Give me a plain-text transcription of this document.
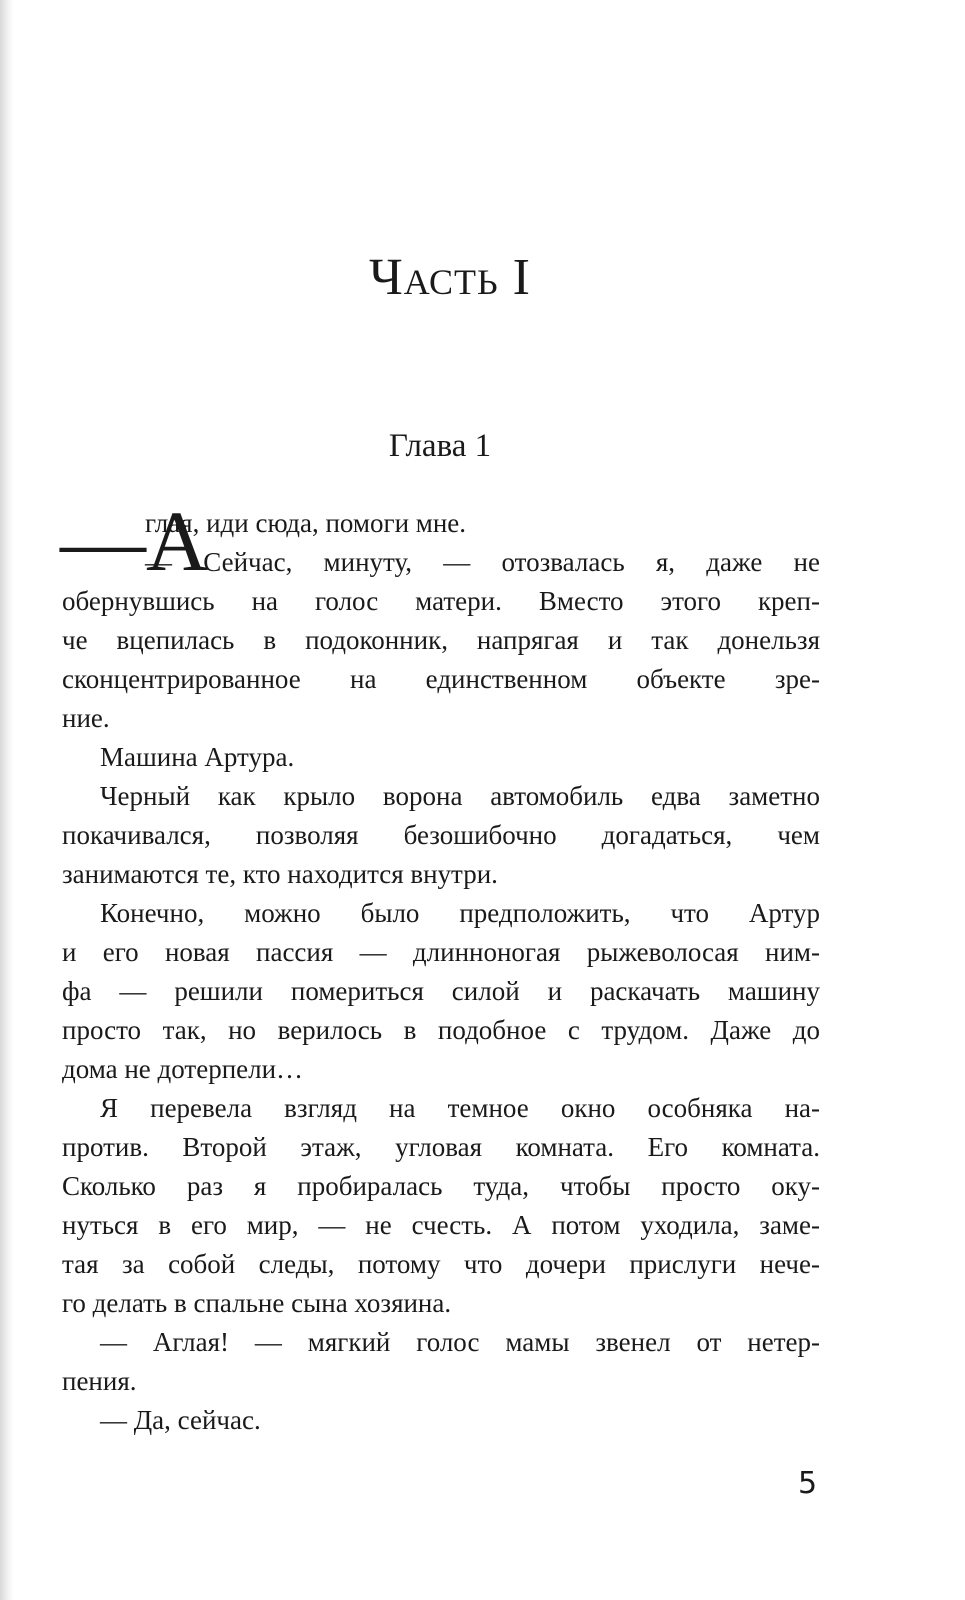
Часть I
Глава 1
—А
глая, иди сюда, помоги мне.
— Сейчас, минуту, — отозвалась я, даже не
обернувшись на голос матери. Вместо этого креп-
че вцепилась в подоконник, напрягая и так донельзя
сконцентрированное на единственном объекте зре-
ние.
Машина Артура.
Черный как крыло ворона автомобиль едва заметно
покачивался, позволяя безошибочно догадаться, чем
занимаются те, кто находится внутри.
Конечно, можно было предположить, что Артур
и его новая пассия — длинноногая рыжеволосая ним-
фа — решили помериться силой и раскачать машину
просто так, но верилось в подобное с трудом. Даже до
дома не дотерпели…
Я перевела взгляд на темное окно особняка на-
против. Второй этаж, угловая комната. Его комната.
Сколько раз я пробиралась туда, чтобы просто оку-
нуться в его мир, — не счесть. А потом уходила, заме-
тая за собой следы, потому что дочери прислуги нече-
го делать в спальне сына хозяина.
— Аглая! — мягкий голос мамы звенел от нетер-
пения.
— Да, сейчас.
5
